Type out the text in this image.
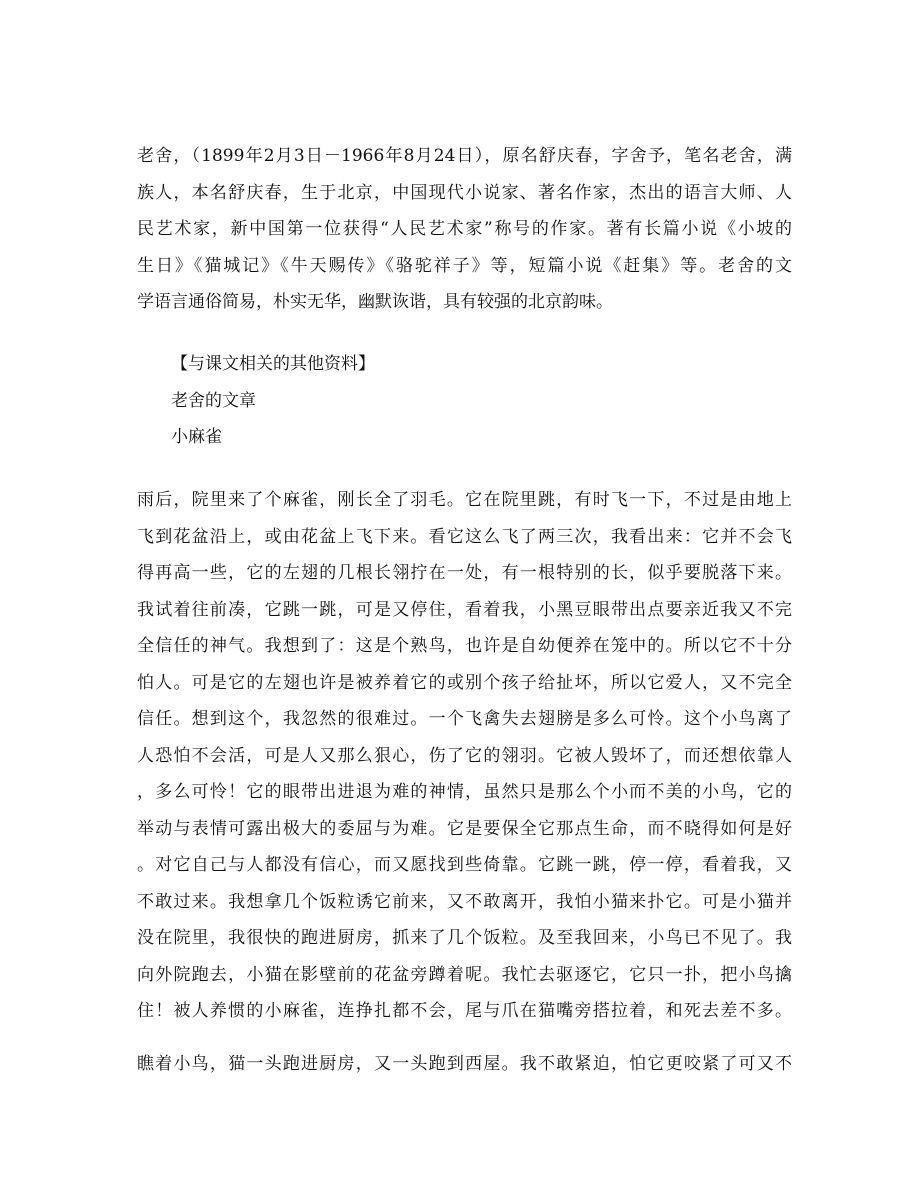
老舍，（1899年2月3日－1966年8月24日），原名舒庆春，字舍予，笔名老舍，满
族人，本名舒庆春，生于北京，中国现代小说家、著名作家，杰出的语言大师、人
民艺术家，新中国第一位获得“人民艺术家”称号的作家。著有长篇小说《小坡的
生日》《猫城记》《牛天赐传》《骆驼祥子》等，短篇小说《赶集》等。老舍的文
学语言通俗简易，朴实无华，幽默诙谐，具有较强的北京韵味。
【与课文相关的其他资料】
老舍的文章
小麻雀
雨后，院里来了个麻雀，刚长全了羽毛。它在院里跳，有时飞一下，不过是由地上
飞到花盆沿上，或由花盆上飞下来。看它这么飞了两三次，我看出来：它并不会飞
得再高一些，它的左翅的几根长翎拧在一处，有一根特别的长，似乎要脱落下来。
我试着往前凑，它跳一跳，可是又停住，看着我，小黑豆眼带出点要亲近我又不完
全信任的神气。我想到了：这是个熟鸟，也许是自幼便养在笼中的。所以它不十分
怕人。可是它的左翅也许是被养着它的或别个孩子给扯坏，所以它爱人，又不完全
信任。想到这个，我忽然的很难过。一个飞禽失去翅膀是多么可怜。这个小鸟离了
人恐怕不会活，可是人又那么狠心，伤了它的翎羽。它被人毁坏了，而还想依靠人
，多么可怜！它的眼带出进退为难的神情，虽然只是那么个小而不美的小鸟，它的
举动与表情可露出极大的委屈与为难。它是要保全它那点生命，而不晓得如何是好
。对它自己与人都没有信心，而又愿找到些倚靠。它跳一跳，停一停，看着我，又
不敢过来。我想拿几个饭粒诱它前来，又不敢离开，我怕小猫来扑它。可是小猫并
没在院里，我很快的跑进厨房，抓来了几个饭粒。及至我回来，小鸟已不见了。我
向外院跑去，小猫在影壁前的花盆旁蹲着呢。我忙去驱逐它，它只一扑，把小鸟擒
住！被人养惯的小麻雀，连挣扎都不会，尾与爪在猫嘴旁搭拉着，和死去差不多。
瞧着小鸟，猫一头跑进厨房，又一头跑到西屋。我不敢紧迫，怕它更咬紧了可又不
